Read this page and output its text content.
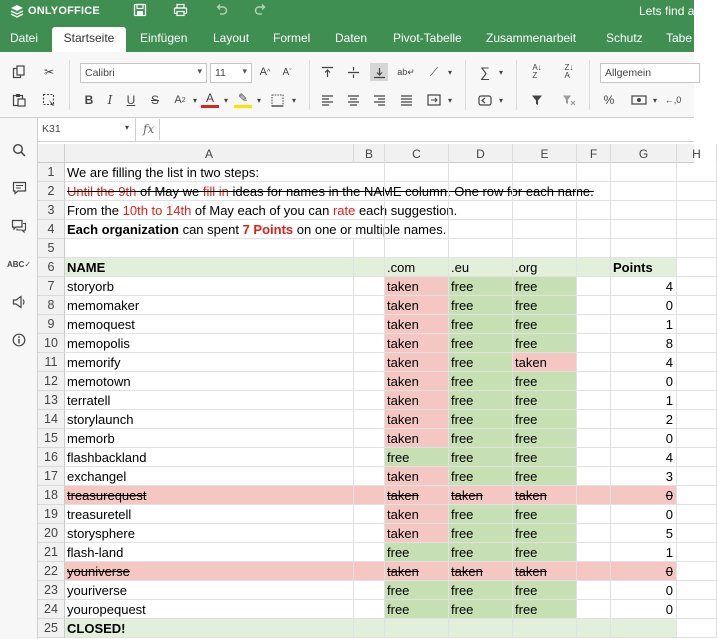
ONLYOFFICE	Lets find a
Datei	Startseite	Einfügen Layout Formel Daten Pivot-Tabelle Zusammenarbeit Schutz Tabe
✂	Calibri	▾	11 ▾	A ^	A ˇ
B	I	U	S	A 2 ▾ A	▾ ✎	▾	▾
ab↵	⟋	▾
▾
∑	▾
▾
A↓
Z
Z↓
A	Allgemein
%	▾ ←,0
ABC✓
K31	▾	fx
A	B	C	D	E	F	G	H
1 We are filling the list in two steps:
2 Until the 9th of May we fill in ideas for names in the NAME column. One row for each name.
3 From the 10th to 14th of May each of you can rate each suggestion.
4 Each organization can spent 7 Points on one or multiple names.
5
6 NAME	.com	.eu	.org	Points
7 storyorb	taken	free	free	4
8 memomaker	taken	free	free	0
9 memoquest	taken	free	free	1
10 memopolis	taken	free	free	8
11 memorify	taken	free	taken	4
12 memotown	taken	free	free	0
13 terratell	taken	free	free	1
14 storylaunch	taken	free	free	2
15 memorb	taken	free	free	0
16 flashbackland	free	free	free	4
17 exchangel	taken	free	free	3
18 treasurequest	taken	taken	taken	0
19 treasuretell	taken	free	free	0
20 storysphere	taken	free	free	5
21 flash-land	free	free	free	1
22 youniverse	taken	taken	taken	0
23 youriverse	free	free	free	0
24 youropequest	free	free	free	0
25 CLOSED!
